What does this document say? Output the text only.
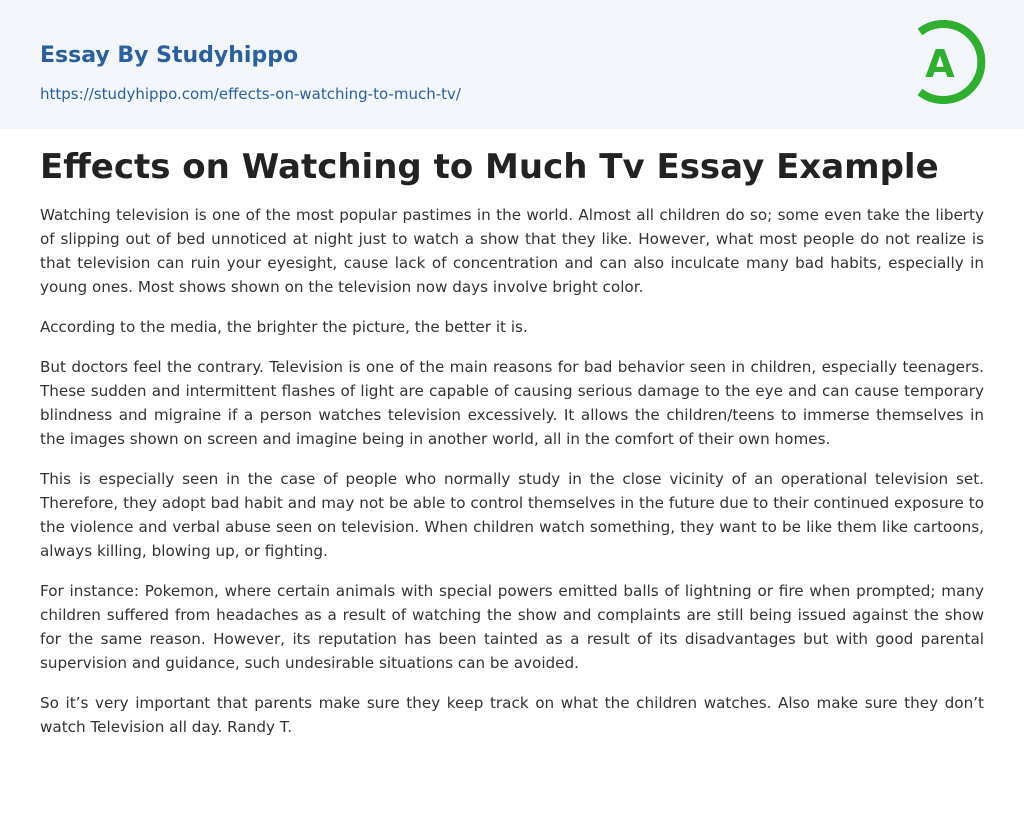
Essay By Studyhippo
https://studyhippo.com/effects-on-watching-to-much-tv/
A
Effects on Watching to Much Tv Essay Example

Watching television is one of the most popular pastimes in the world. Almost all children do so; some even take the liberty of slipping out of bed unnoticed at night just to watch a show that they like. However, what most people do not realize is that television can ruin your eyesight, cause lack of concentration and can also inculcate many bad habits, especially in young ones. Most shows shown on the television now days involve bright color.

According to the media, the brighter the picture, the better it is.

But doctors feel the contrary. Television is one of the main reasons for bad behavior seen in children, especially teenagers. These sudden and intermittent flashes of light are capable of causing serious damage to the eye and can cause temporary blindness and migraine if a person watches television excessively. It allows the children/teens to immerse themselves in the images shown on screen and imagine being in another world, all in the comfort of their own homes.

This is especially seen in the case of people who normally study in the close vicinity of an operational television set. Therefore, they adopt bad habit and may not be able to control themselves in the future due to their continued exposure to the violence and verbal abuse seen on television. When children watch something, they want to be like them like cartoons, always killing, blowing up, or fighting.

For instance: Pokemon, where certain animals with special powers emitted balls of lightning or fire when prompted; many children suffered from headaches as a result of watching the show and complaints are still being issued against the show for the same reason. However, its reputation has been tainted as a result of its disadvantages but with good parental supervision and guidance, such undesirable situations can be avoided.

So it’s very important that parents make sure they keep track on what the children watches. Also make sure they don’t watch Television all day. Randy T.
